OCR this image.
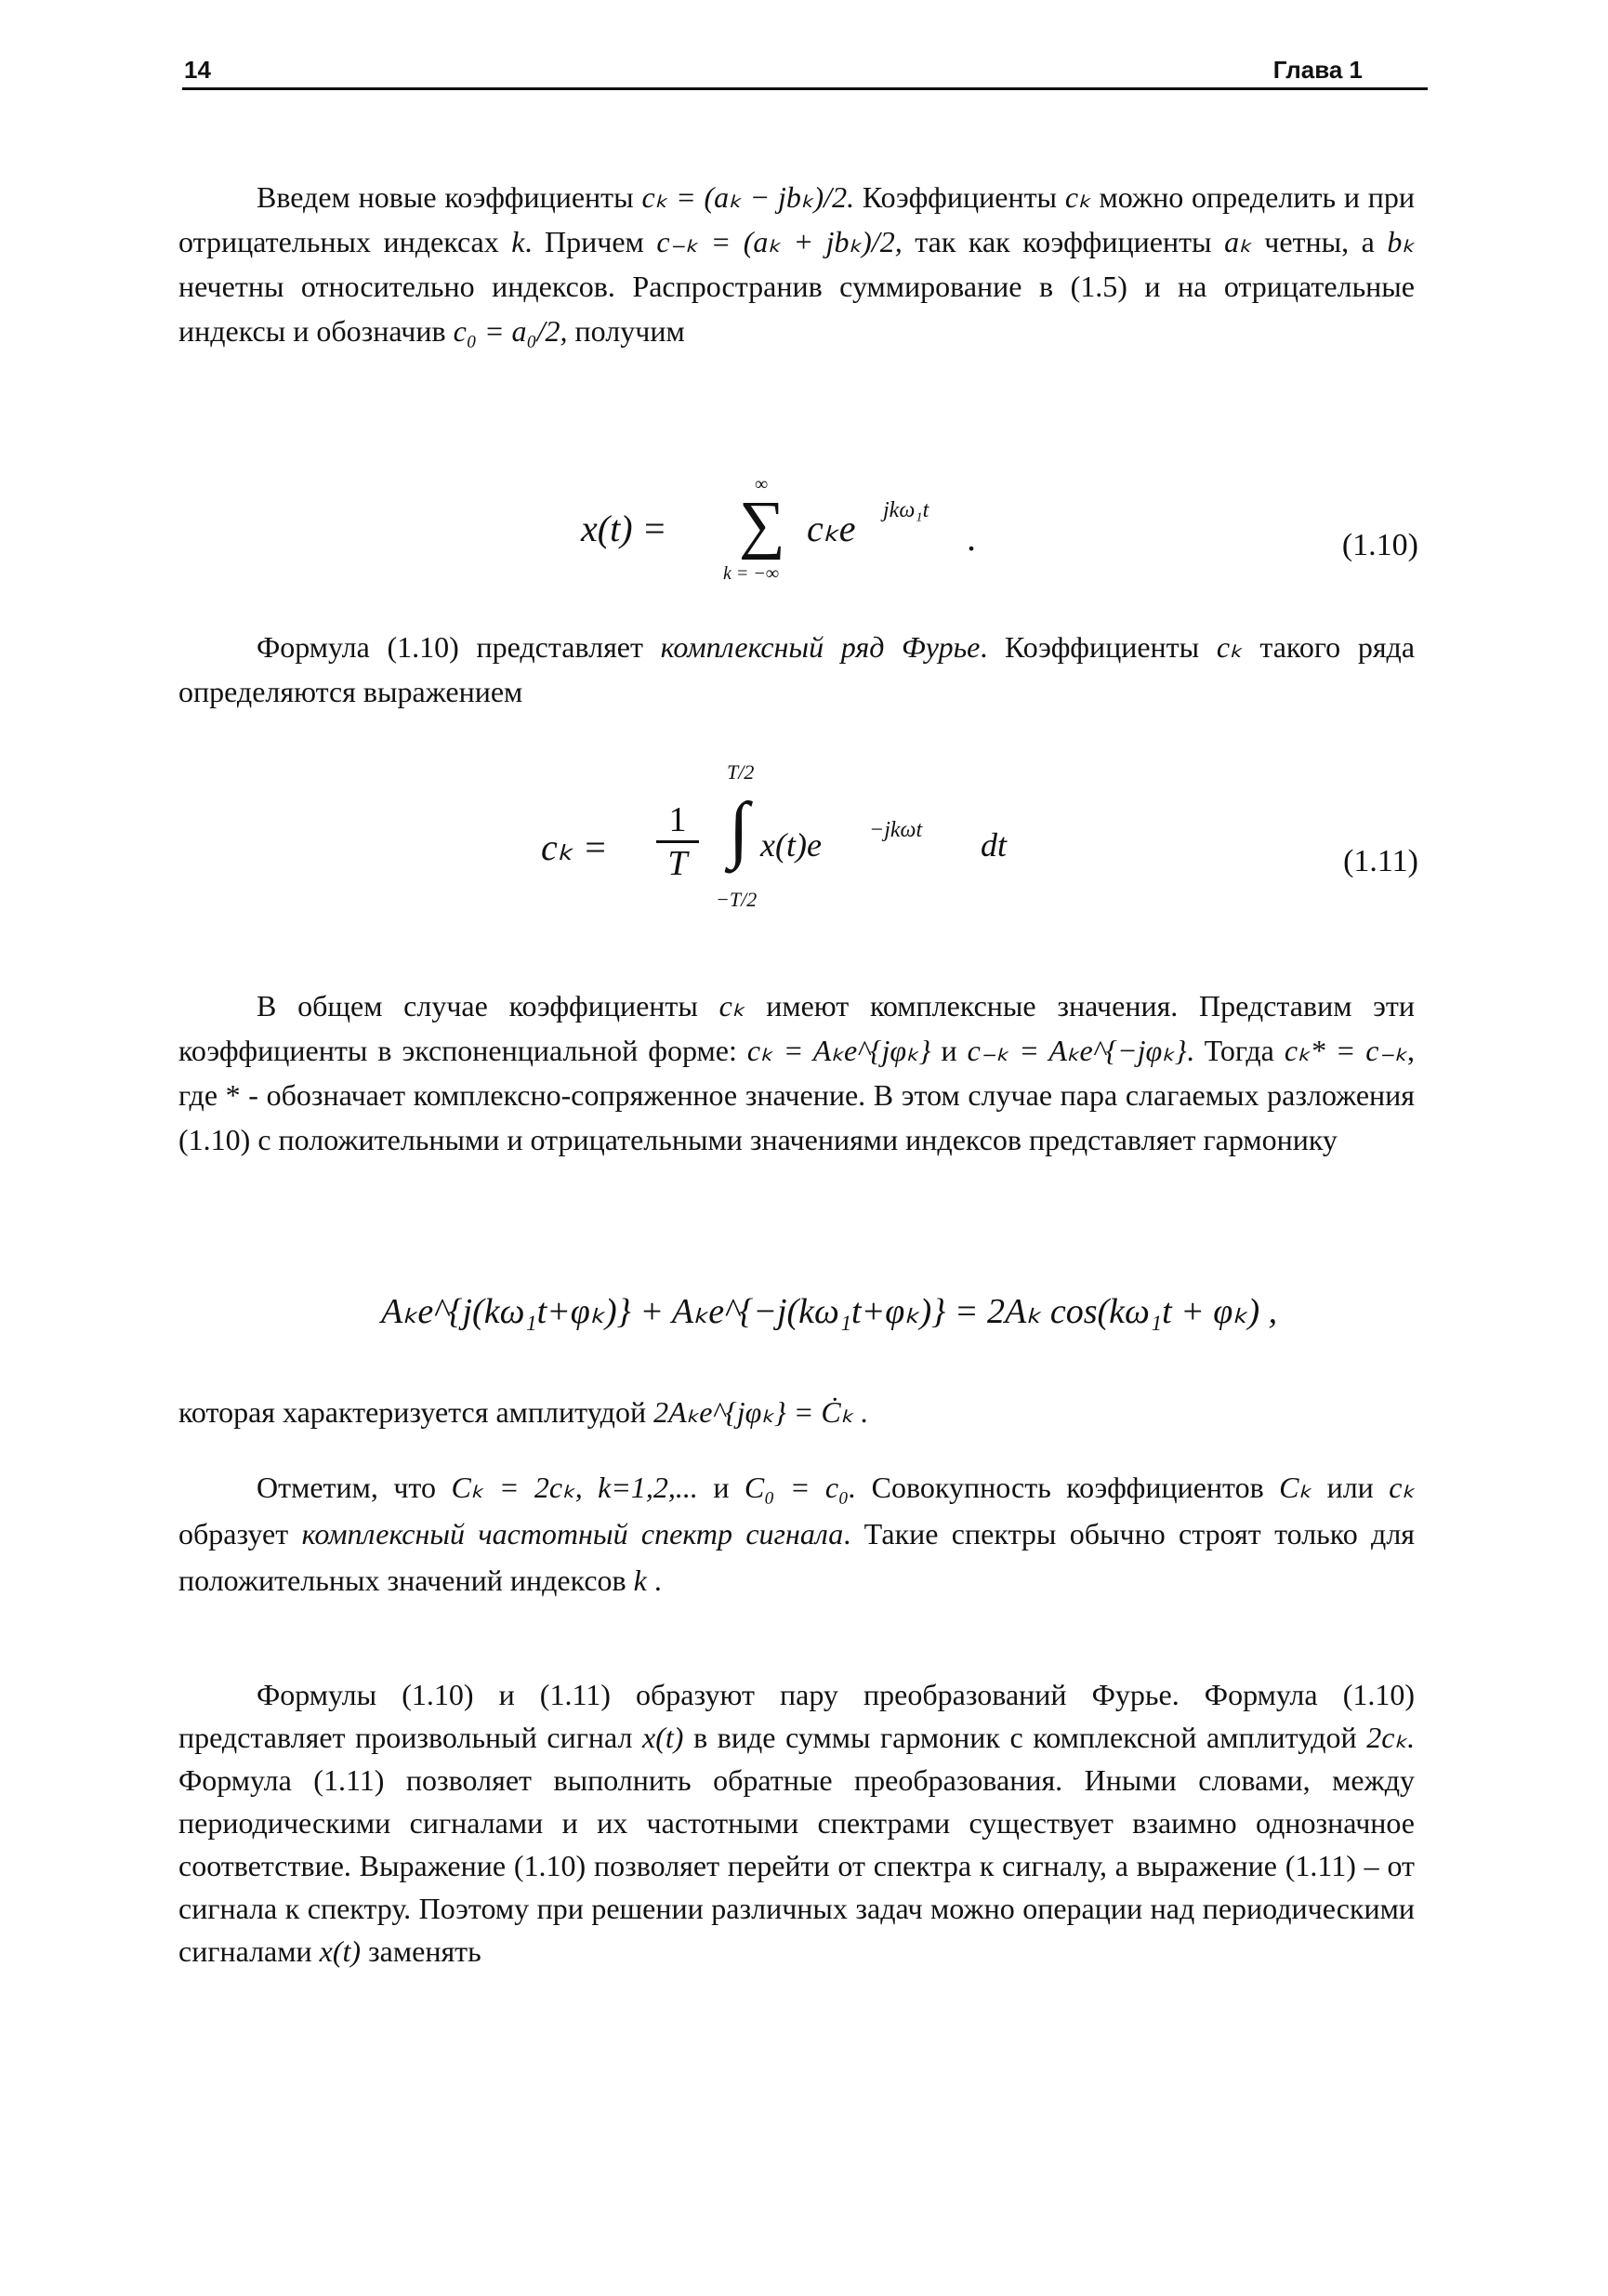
14	Глава 1

Введем новые коэффициенты cₖ = (aₖ − jbₖ)/2. Коэффициенты cₖ можно определить и при отрицательных индексах k. Причем c₋ₖ = (aₖ + jbₖ)/2, так как коэффициенты aₖ четны, а bₖ нечетны относительно индексов. Распространив суммирование в (1.5) и на отрицательные индексы и обозначив c₀ = a₀/2, получим

x(t) =
∞
∑
k = −∞
cₖe jkω₁t
.	(1.10)

Формула (1.10) представляет комплексный ряд Фурье. Коэффициенты cₖ такого ряда определяются выражением

cₖ =
1
T
T/2
∫
−T/2
x(t)e −jkωt dt	(1.11)

В общем случае коэффициенты cₖ имеют комплексные значения. Представим эти коэффициенты в экспоненциальной форме: cₖ = Aₖe^{jφₖ} и c₋ₖ = Aₖe^{−jφₖ}. Тогда cₖ* = c₋ₖ, где * - обозначает комплексно-сопряженное значение. В этом случае пара слагаемых разложения (1.10) с положительными и отрицательными значениями индексов представляет гармонику

Aₖe^{j(kω₁t+φₖ)} + Aₖe^{−j(kω₁t+φₖ)} = 2Aₖ cos(kω₁t + φₖ) ,

которая характеризуется амплитудой 2Aₖe^{jφₖ} = Ċₖ .

Отметим, что Cₖ = 2cₖ, k=1,2,... и C₀ = c₀. Совокупность коэффициентов Cₖ или cₖ образует комплексный частотный спектр сигнала. Такие спектры обычно строят только для положительных значений индексов k .

Формулы (1.10) и (1.11) образуют пару преобразований Фурье. Формула (1.10) представляет произвольный сигнал x(t) в виде суммы гармоник с комплексной амплитудой 2cₖ. Формула (1.11) позволяет выполнить обратные преобразования. Иными словами, между периодическими сигналами и их частотными спектрами существует взаимно однозначное соответствие. Выражение (1.10) позволяет перейти от спектра к сигналу, а выражение (1.11) – от сигнала к спектру. Поэтому при решении различных задач можно операции над периодическими сигналами x(t) заменять
